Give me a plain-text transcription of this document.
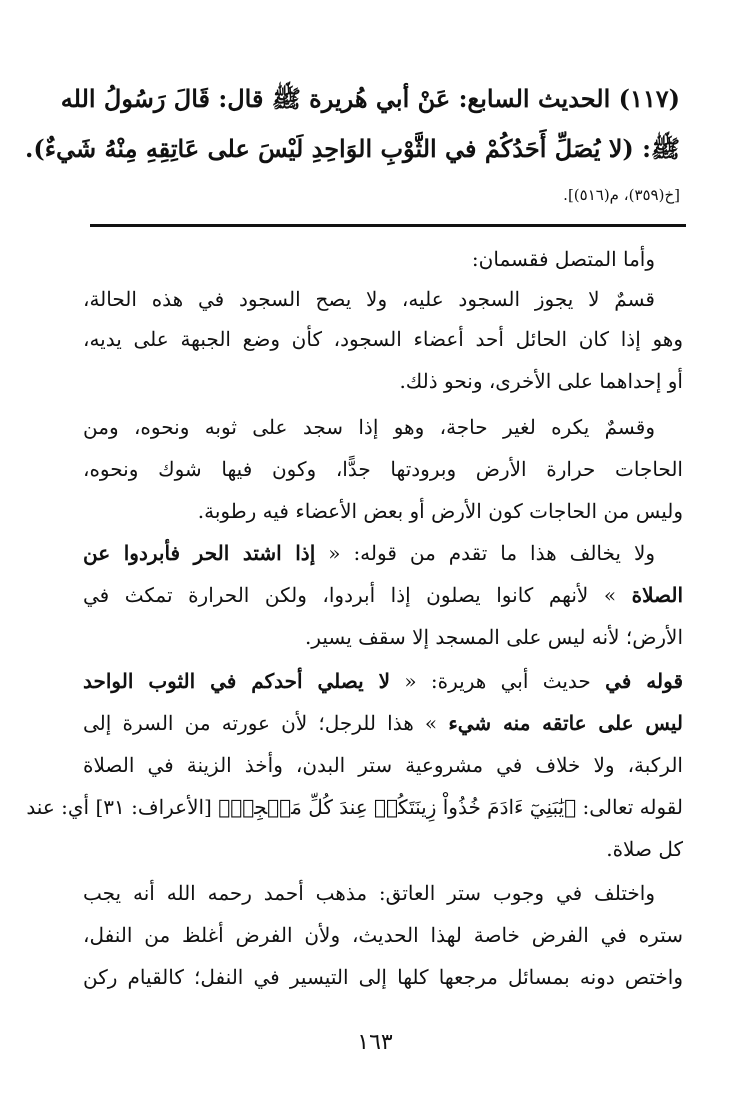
(١١٧) الحديث السابع: عَنْ أبي هُريرة ﷺ قال: قَالَ رَسُولُ الله
ﷺ: (لا يُصَلِّ أَحَدُكُمْ في الثَّوْبِ الوَاحِدِ لَيْسَ على عَاتِقِهِ مِنْهُ شَيءٌ).
[خ(٣٥٩)، م(٥١٦)].
وأما المتصل فقسمان:
قسمٌ لا يجوز السجود عليه، ولا يصح السجود في هذه الحالة،
وهو إذا كان الحائل أحد أعضاء السجود، كأن وضع الجبهة على يديه،
أو إحداهما على الأخرى، ونحو ذلك.
وقسمٌ يكره لغير حاجة، وهو إذا سجد على ثوبه ونحوه، ومن
الحاجات حرارة الأرض وبرودتها جدًّا، وكون فيها شوك ونحوه،
وليس من الحاجات كون الأرض أو بعض الأعضاء فيه رطوبة.
ولا يخالف هذا ما تقدم من قوله: « إذا اشتد الحر فأبردوا عن
الصلاة » لأنهم كانوا يصلون إذا أبردوا، ولكن الحرارة تمكث في
الأرض؛ لأنه ليس على المسجد إلا سقف يسير.
قوله في حديث أبي هريرة: « لا يصلي أحدكم في الثوب الواحد
ليس على عاتقه منه شيء » هذا للرجل؛ لأن عورته من السرة إلى
الركبة، ولا خلاف في مشروعية ستر البدن، وأخذ الزينة في الصلاة
لقوله تعالى: ﴿يَٰبَنِيٓ ءَادَمَ خُذُواْ زِينَتَكُمۡ عِندَ كُلِّ مَسۡجِدٖ﴾ [الأعراف: ٣١] أي: عند
كل صلاة.
واختلف في وجوب ستر العاتق: مذهب أحمد رحمه الله أنه يجب
ستره في الفرض خاصة لهذا الحديث، ولأن الفرض أغلظ من النفل،
واختص دونه بمسائل مرجعها كلها إلى التيسير في النفل؛ كالقيام ركن
١٦٣
